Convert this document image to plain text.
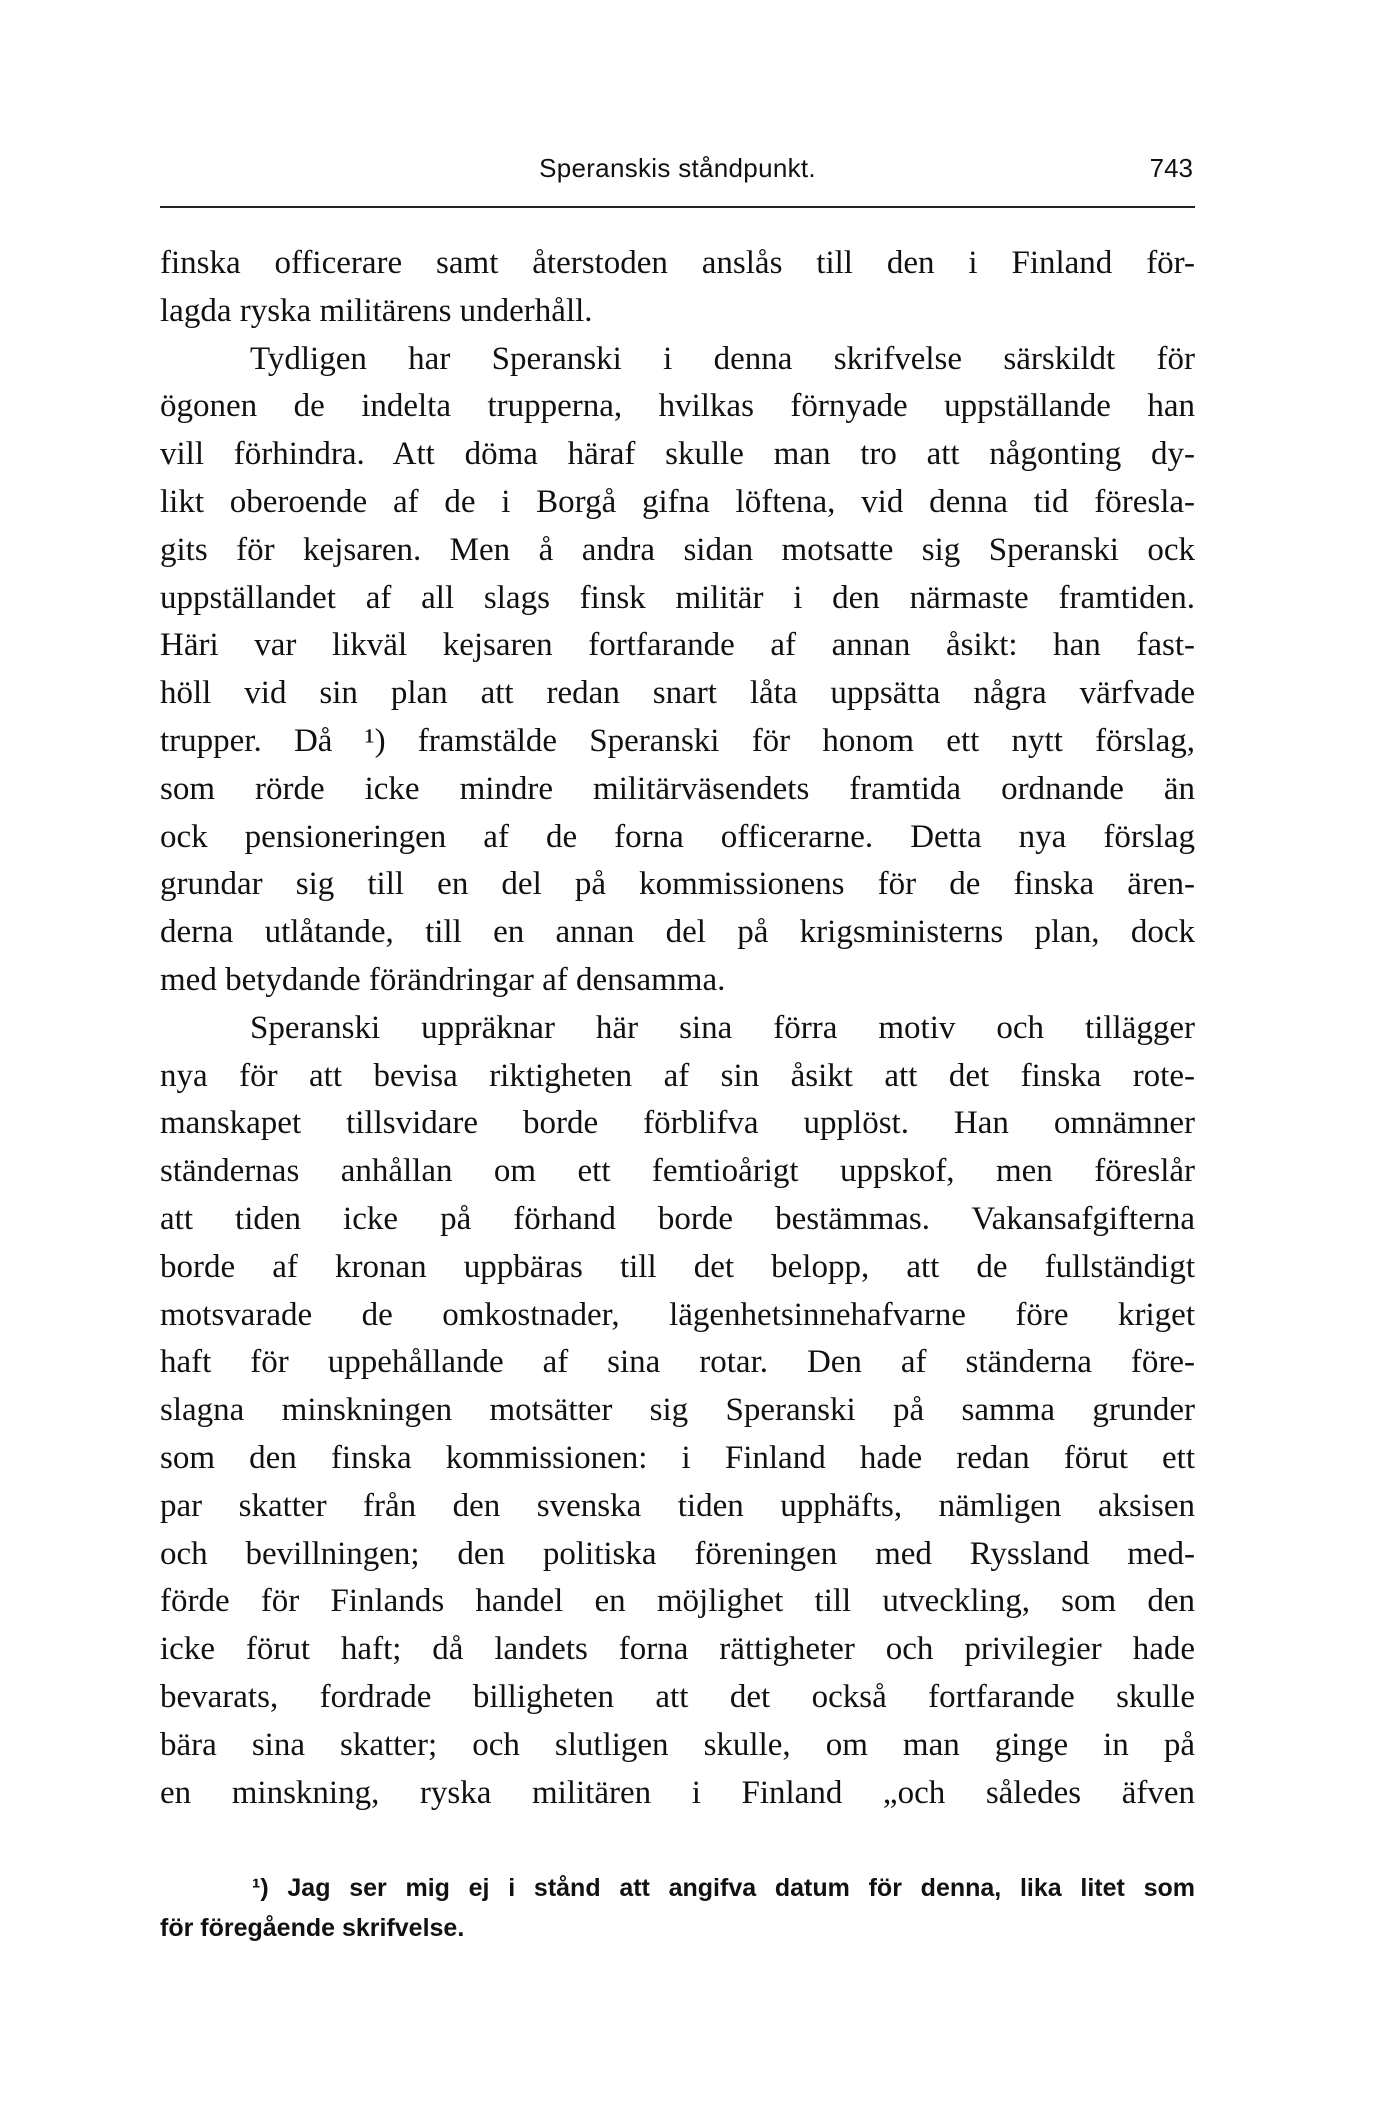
Speranskis ståndpunkt.	743
finska officerare samt återstoden anslås till den i Finland för-
lagda ryska militärens underhåll.
Tydligen har Speranski i denna skrifvelse särskildt för
ögonen de indelta trupperna, hvilkas förnyade uppställande han
vill förhindra. Att döma häraf skulle man tro att någonting dy-
likt oberoende af de i Borgå gifna löftena, vid denna tid föresla-
gits för kejsaren. Men å andra sidan motsatte sig Speranski ock
uppställandet af all slags finsk militär i den närmaste framtiden.
Häri var likväl kejsaren fortfarande af annan åsikt: han fast-
höll vid sin plan att redan snart låta uppsätta några värfvade
trupper. Då ¹) framstälde Speranski för honom ett nytt förslag,
som rörde icke mindre militärväsendets framtida ordnande än
ock pensioneringen af de forna officerarne. Detta nya förslag
grundar sig till en del på kommissionens för de finska ären-
derna utlåtande, till en annan del på krigsministerns plan, dock
med betydande förändringar af densamma.
Speranski uppräknar här sina förra motiv och tillägger
nya för att bevisa riktigheten af sin åsikt att det finska rote-
manskapet tillsvidare borde förblifva upplöst. Han omnämner
ständernas anhållan om ett femtioårigt uppskof, men föreslår
att tiden icke på förhand borde bestämmas. Vakansafgifterna
borde af kronan uppbäras till det belopp, att de fullständigt
motsvarade de omkostnader, lägenhetsinnehafvarne före kriget
haft för uppehållande af sina rotar. Den af ständerna före-
slagna minskningen motsätter sig Speranski på samma grunder
som den finska kommissionen: i Finland hade redan förut ett
par skatter från den svenska tiden upphäfts, nämligen aksisen
och bevillningen; den politiska föreningen med Ryssland med-
förde för Finlands handel en möjlighet till utveckling, som den
icke förut haft; då landets forna rättigheter och privilegier hade
bevarats, fordrade billigheten att det också fortfarande skulle
bära sina skatter; och slutligen skulle, om man ginge in på
en minskning, ryska militären i Finland „och således äfven
¹) Jag ser mig ej i stånd att angifva datum för denna, lika litet som
för föregående skrifvelse.
